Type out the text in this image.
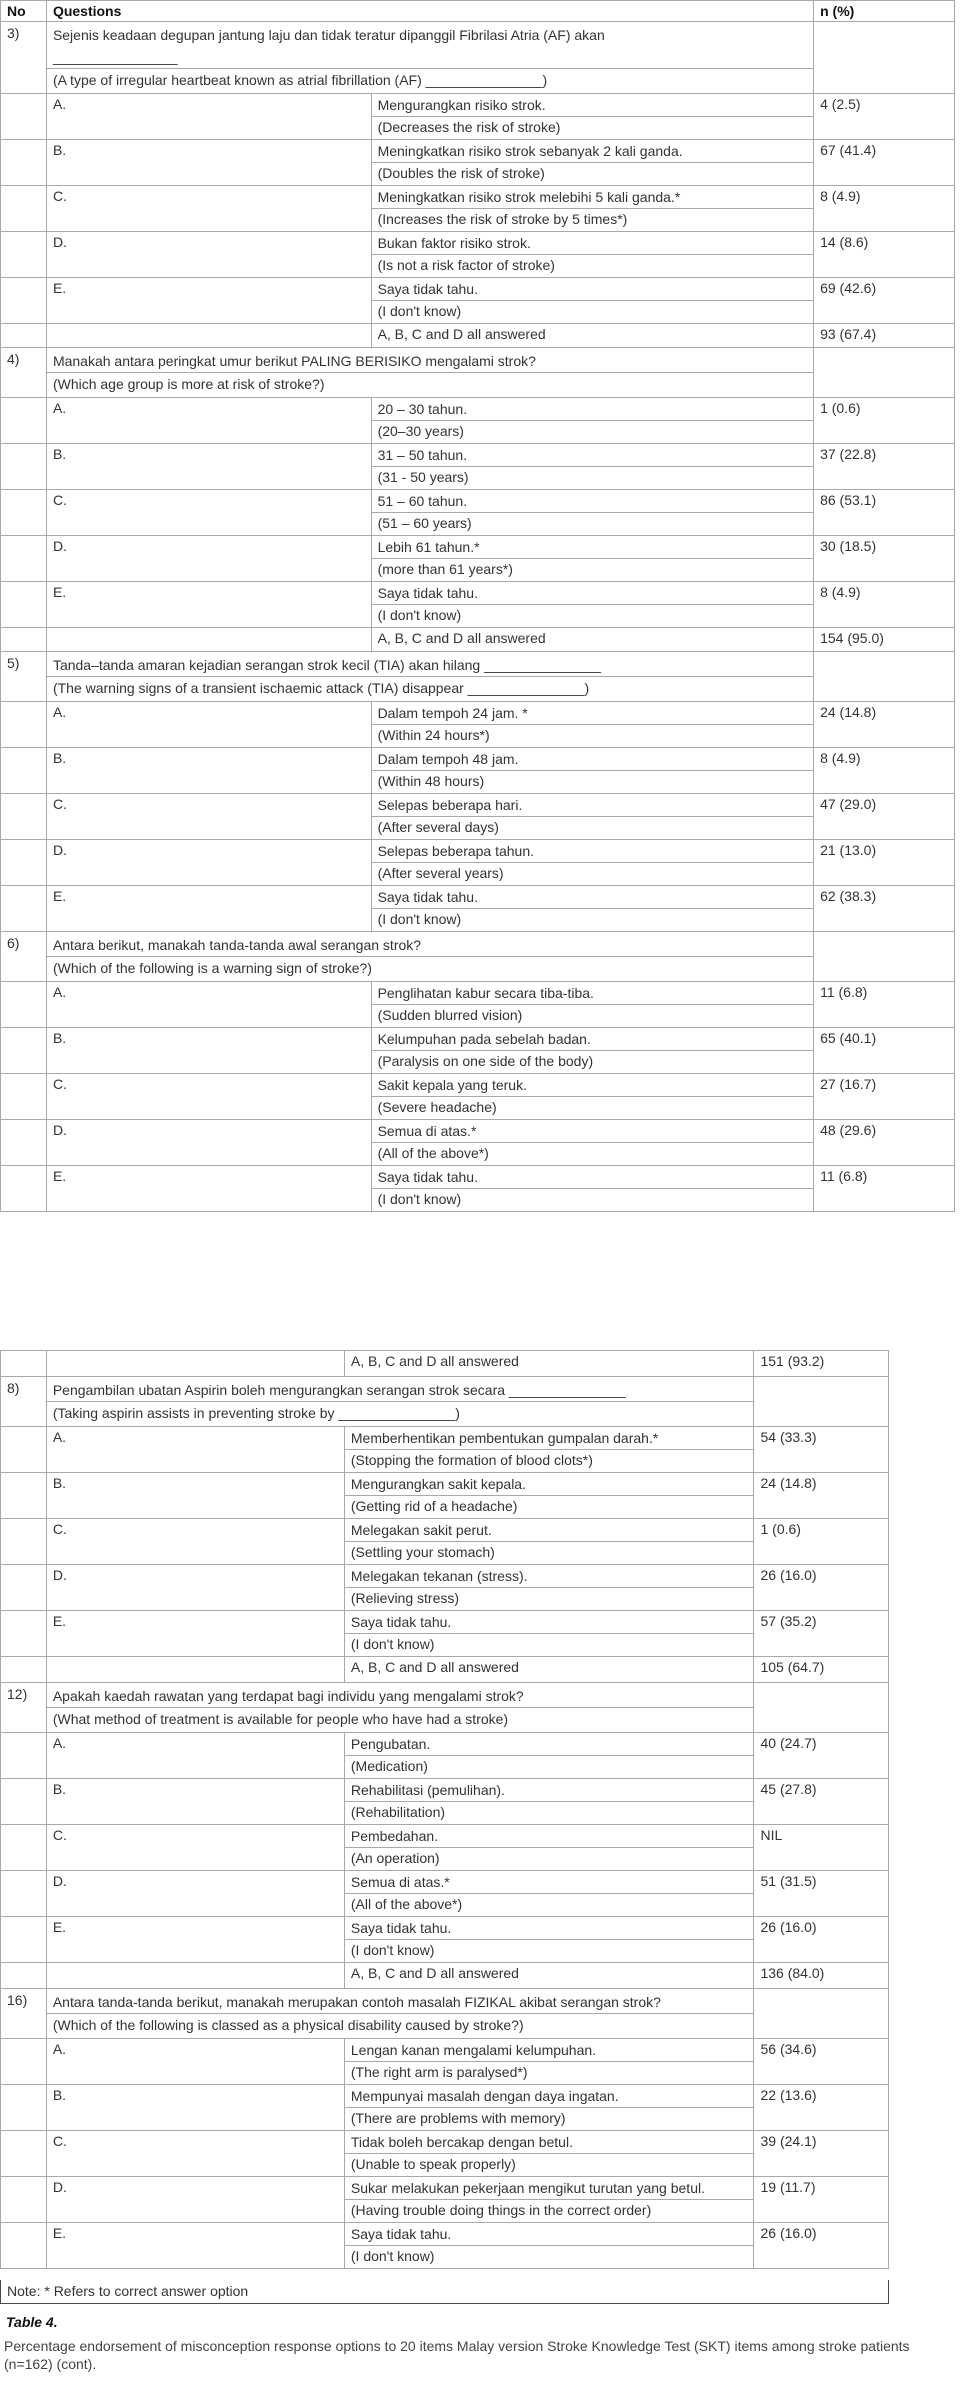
No	Questions		n (%)
3)	Sejenis keadaan degupan jantung laju dan tidak teratur dipanggil Fibrilasi Atria (AF) akan
________________
(A type of irregular heartbeat known as atrial fibrillation (AF) _______________)		

	A.	Mengurangkan risiko strok.
(Decreases the risk of stroke)	4 (2.5)
	B.	Meningkatkan risiko strok sebanyak 2 kali ganda.
(Doubles the risk of stroke)	67 (41.4)
	C.	Meningkatkan risiko strok melebihi 5 kali ganda.*
(Increases the risk of stroke by 5 times*)	8 (4.9)
	D.	Bukan faktor risiko strok.
(Is not a risk factor of stroke)	14 (8.6)
	E.	Saya tidak tahu.
(I don't know)	69 (42.6)
		A, B, C and D all answered	93 (67.4)
4)	Manakah antara peringkat umur berikut PALING BERISIKO mengalami strok?
(Which age group is more at risk of stroke?)		

	A.	20 – 30 tahun.
(20–30 years)	1 (0.6)
	B.	31 – 50 tahun.
(31 - 50 years)	37 (22.8)
	C.	51 – 60 tahun.
(51 – 60 years)	86 (53.1)
	D.	Lebih 61 tahun.*
(more than 61 years*)	30 (18.5)
	E.	Saya tidak tahu.
(I don't know)	8 (4.9)
		A, B, C and D all answered	154 (95.0)
5)	Tanda–tanda amaran kejadian serangan strok kecil (TIA) akan hilang _______________
(The warning signs of a transient ischaemic attack (TIA) disappear _______________)		

	A.	Dalam tempoh 24 jam. *
(Within 24 hours*)	24 (14.8)
	B.	Dalam tempoh 48 jam.
(Within 48 hours)	8 (4.9)
	C.	Selepas beberapa hari.
(After several days)	47 (29.0)
	D.	Selepas beberapa tahun.
(After several years)	21 (13.0)
	E.	Saya tidak tahu.
(I don't know)	62 (38.3)
6)	Antara berikut, manakah tanda-tanda awal serangan strok?
(Which of the following is a warning sign of stroke?)		

	A.	Penglihatan kabur secara tiba-tiba.
(Sudden blurred vision)	11 (6.8)
	B.	Kelumpuhan pada sebelah badan.
(Paralysis on one side of the body)	65 (40.1)
	C.	Sakit kepala yang teruk.
(Severe headache)	27 (16.7)
	D.	Semua di atas.*
(All of the above*)	48 (29.6)
	E.	Saya tidak tahu.
(I don't know)	11 (6.8)
		A, B, C and D all answered	151 (93.2)
8)	Pengambilan ubatan Aspirin boleh mengurangkan serangan strok secara _______________
(Taking aspirin assists in preventing stroke by _______________)		

	A.	Memberhentikan pembentukan gumpalan darah.*
(Stopping the formation of blood clots*)	54 (33.3)
	B.	Mengurangkan sakit kepala.
(Getting rid of a headache)	24 (14.8)
	C.	Melegakan sakit perut.
(Settling your stomach)	1 (0.6)
	D.	Melegakan tekanan (stress).
(Relieving stress)	26 (16.0)
	E.	Saya tidak tahu.
(I don't know)	57 (35.2)
		A, B, C and D all answered	105 (64.7)
12)	Apakah kaedah rawatan yang terdapat bagi individu yang mengalami strok?
(What method of treatment is available for people who have had a stroke)		

	A.	Pengubatan.
(Medication)	40 (24.7)
	B.	Rehabilitasi (pemulihan).
(Rehabilitation)	45 (27.8)
	C.	Pembedahan.
(An operation)	NIL
	D.	Semua di atas.*
(All of the above*)	51 (31.5)
	E.	Saya tidak tahu.
(I don't know)	26 (16.0)
		A, B, C and D all answered	136 (84.0)
16)	Antara tanda-tanda berikut, manakah merupakan contoh masalah FIZIKAL akibat serangan strok?
(Which of the following is classed as a physical disability caused by stroke?)		

	A.	Lengan kanan mengalami kelumpuhan.
(The right arm is paralysed*)	56 (34.6)
	B.	Mempunyai masalah dengan daya ingatan.
(There are problems with memory)	22 (13.6)
	C.	Tidak boleh bercakap dengan betul.
(Unable to speak properly)	39 (24.1)
	D.	Sukar melakukan pekerjaan mengikut turutan yang betul.
(Having trouble doing things in the correct order)	19 (11.7)
	E.	Saya tidak tahu.
(I don't know)	26 (16.0)
Note: * Refers to correct answer option
Table 4.
Percentage endorsement of misconception response options to 20 items Malay version Stroke Knowledge Test (SKT) items among stroke patients (n=162) (cont).
